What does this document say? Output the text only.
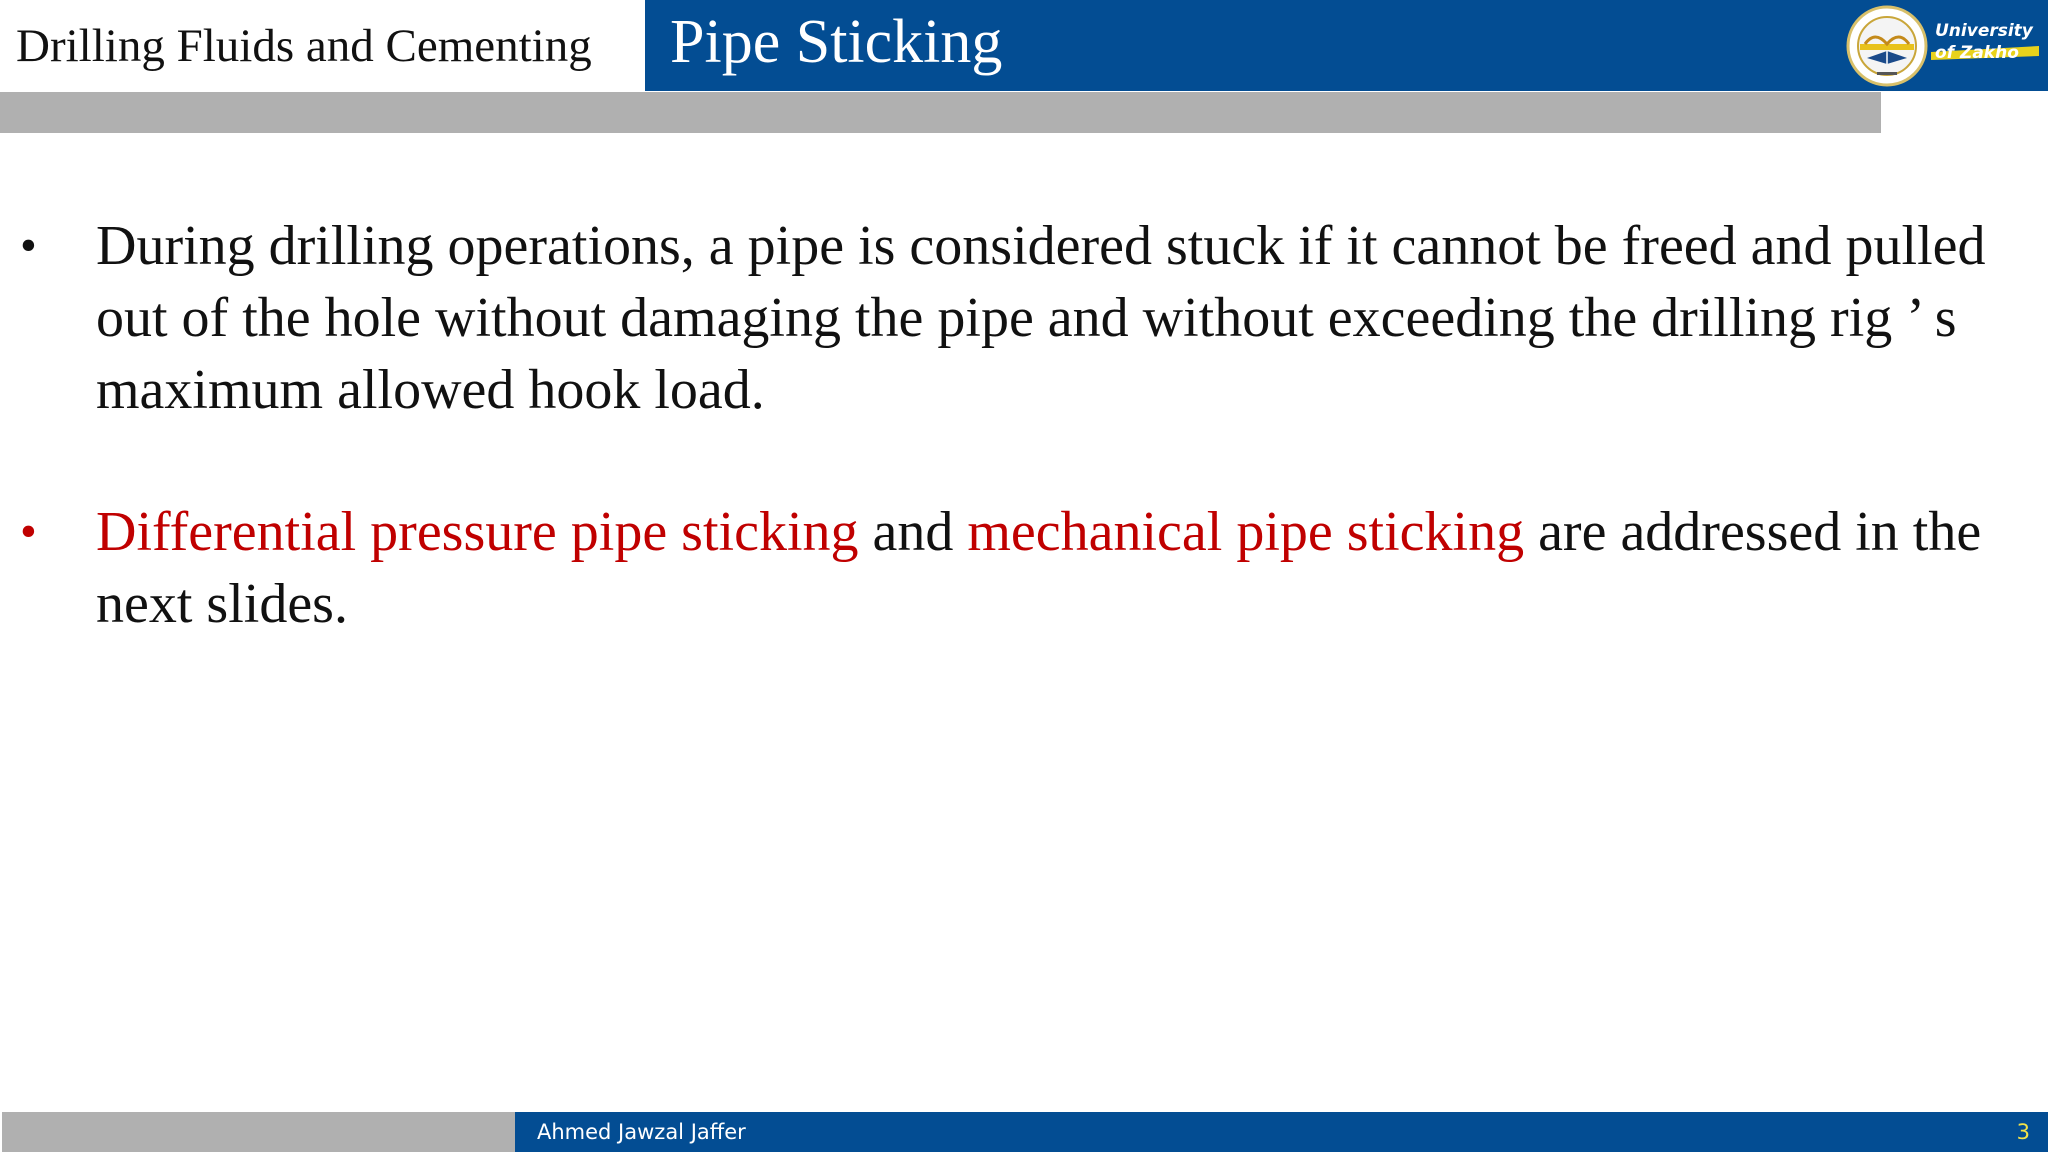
Drilling Fluids and Cementing	Pipe Sticking	University
of Zakho
• During drilling operations, a pipe is considered stuck if it cannot be freed and pulled out of the hole without damaging the pipe and without exceeding the drilling rig ’ s maximum allowed hook load.
• Differential pressure pipe sticking and mechanical pipe sticking are addressed in the next slides.
Ahmed Jawzal Jaffer	3
